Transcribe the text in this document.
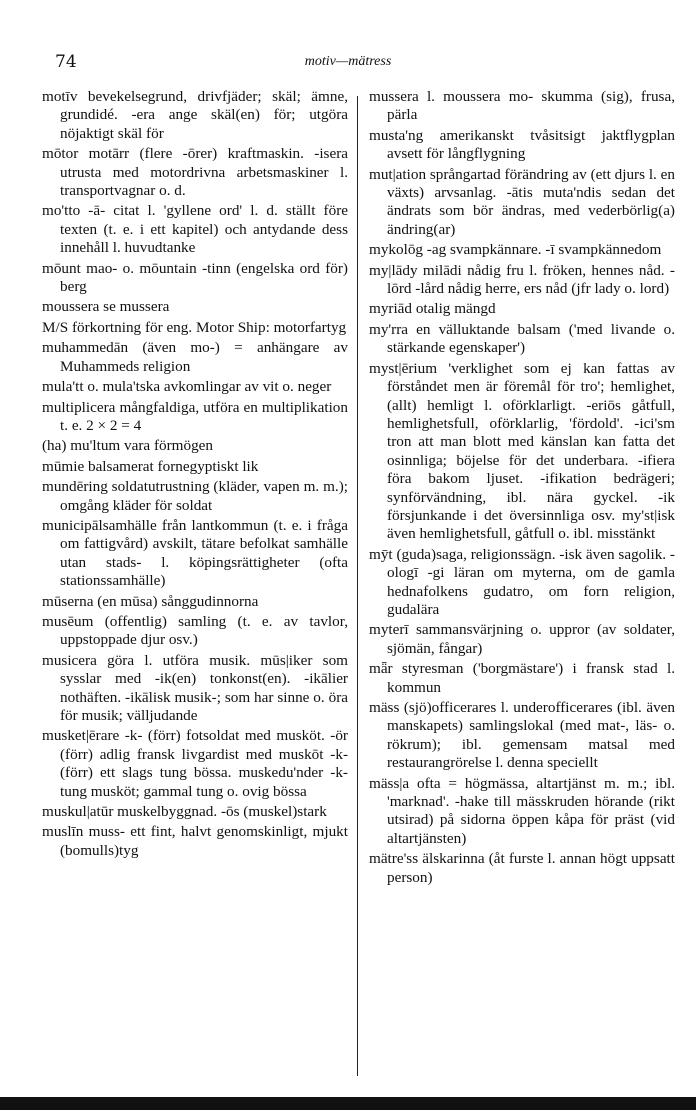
74	motiv—mätress

motīv bevekelsegrund, drivfjäder; skäl; ämne, grundidé. -era ange skäl(en) för; utgöra nöjaktigt skäl för

mōtor motārr (flere -ōrer) kraftmaskin. -isera utrusta med motordrivna arbetsmaskiner l. transportvagnar o. d.

mo'tto -ā- citat l. 'gyllene ord' l. d. ställt före texten (t. e. i ett kapitel) och antydande dess innehåll l. huvudtanke

mōunt mao- o. mōuntain -tinn (engelska ord för) berg

moussera se mussera

M/S förkortning för eng. Motor Ship: motorfartyg

muhammedān (även mo-) = anhängare av Muhammeds religion

mula'tt o. mula'tska avkomlingar av vit o. neger

multiplicera mångfaldiga, utföra en multiplikation t. e. 2 × 2 = 4

(ha) mu'ltum vara förmögen

mūmie balsamerat fornegyptiskt lik

mundēring soldatutrustning (kläder, vapen m. m.); omgång kläder för soldat

municipālsamhälle från lantkommun (t. e. i fråga om fattigvård) avskilt, tätare befolkat samhälle utan stads- l. köpingsrättigheter (ofta stationssamhälle)

mūserna (en mūsa) sånggudinnorna

musēum (offentlig) samling (t. e. av tavlor, uppstoppade djur osv.)

musicera göra l. utföra musik. mūs|iker som sysslar med -ik(en) tonkonst(en). -ikālier nothäften. -ikālisk musik-; som har sinne o. öra för musik; välljudande

musket|ērare -k- (förr) fotsoldat med musköt. -ör (förr) adlig fransk livgardist med muskōt -k- (förr) ett slags tung bössa. muskedu'nder -k- tung musköt; gammal tung o. ovig bössa

muskul|atūr muskelbyggnad. -ōs (muskel)stark

muslīn muss- ett fint, halvt genomskinligt, mjukt (bomulls)tyg

mussera l. moussera mo- skumma (sig), frusa, pärla

musta'ng amerikanskt tvåsitsigt jaktflygplan avsett för långflygning

mut|ation språngartad förändring av (ett djurs l. en växts) arvsanlag. -ātis muta'ndis sedan det ändrats som bör ändras, med vederbörlig(a) ändring(ar)

mykolōg -ag svampkännare. -ī svampkännedom

my|lādy milādi nådig fru l. fröken, hennes nåd. -lōrd -lård nådig herre, ers nåd (jfr lady o. lord)

myriād otalig mängd

my'rra en välluktande balsam ('med livande o. stärkande egenskaper')

myst|ērium 'verklighet som ej kan fattas av förståndet men är föremål för tro'; hemlighet, (allt) hemligt l. oförklarligt. -eriōs gåtfull, hemlighetsfull, oförklarlig, 'fördold'. -ici'sm tron att man blott med känslan kan fatta det osinnliga; böjelse för det underbara. -ifiera föra bakom ljuset. -ifikation bedrägeri; synförvändning, ibl. nära gyckel. -ik försjunkande i det översinnliga osv. my'st|isk även hemlighetsfull, gåtfull o. ibl. misstänkt

mȳt (guda)saga, religionssägn. -isk även sagolik. -ologī -gi läran om myterna, om de gamla hednafolkens gudatro, om forn religion, gudalära

myterī sammansvärjning o. uppror (av soldater, sjömän, fångar)

mǟr styresman ('borgmästare') i fransk stad l. kommun

mäss (sjö)officerares l. underofficerares (ibl. även manskapets) samlingslokal (med mat-, läs- o. rökrum); ibl. gemensam matsal med restaurangrörelse l. denna speciellt

mäss|a ofta = högmässa, altartjänst m. m.; ibl. 'marknad'. -hake till mässkruden hörande (rikt utsirad) på sidorna öppen kåpa för präst (vid altartjänsten)

mätre'ss älskarinna (åt furste l. annan högt uppsatt person)
